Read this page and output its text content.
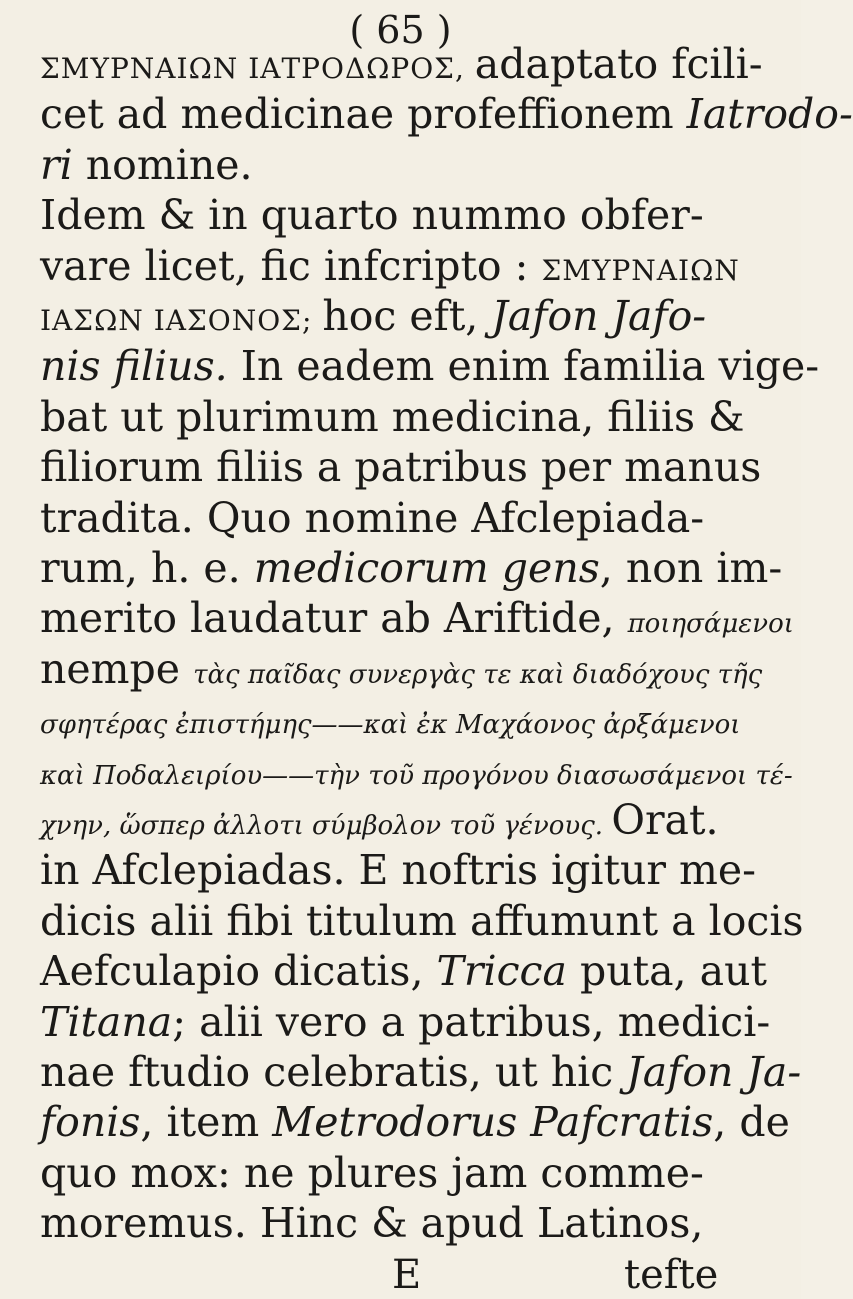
( 65 )
ΣΜΥΡΝΑΙΩΝ ΙΑΤΡΟΔΩΡΟΣ, adaptato fcili-
cet ad medicinae profeffionem Iatrodo-
ri nomine.
Idem & in quarto nummo obfer-
vare licet, fic infcripto : ΣΜΥΡΝΑΙΩΝ
ΙΑΣΩΝ ΙΑΣΟΝΟΣ; hoc eft, Jafon Jafo-
nis filius. In eadem enim familia vige-
bat ut plurimum medicina, filiis &
filiorum filiis a patribus per manus
tradita. Quo nomine Afclepiada-
rum, h. e. medicorum gens, non im-
merito laudatur ab Ariftide, ποιησάμενοι
nempe τὰς παῖδας συνεργὰς τε καὶ διαδόχους τῆς
σφητέρας ἐπιστήμης——καὶ ἐκ Μαχάονος ἀρξάμενοι
καὶ Ποδαλειρίου——τὴν τοῦ προγόνου διασωσάμενοι τέ-
χνην, ὥσπερ ἀλλοτι σύμβολον τοῦ γένους. Orat.
in Afclepiadas. E noftris igitur me-
dicis alii fibi titulum affumunt a locis
Aefculapio dicatis, Tricca puta, aut
Titana; alii vero a patribus, medici-
nae ftudio celebratis, ut hic Jafon Ja-
fonis, item Metrodorus Pafcratis, de
quo mox: ne plures jam comme-
moremus. Hinc & apud Latinos,
E	tefte
